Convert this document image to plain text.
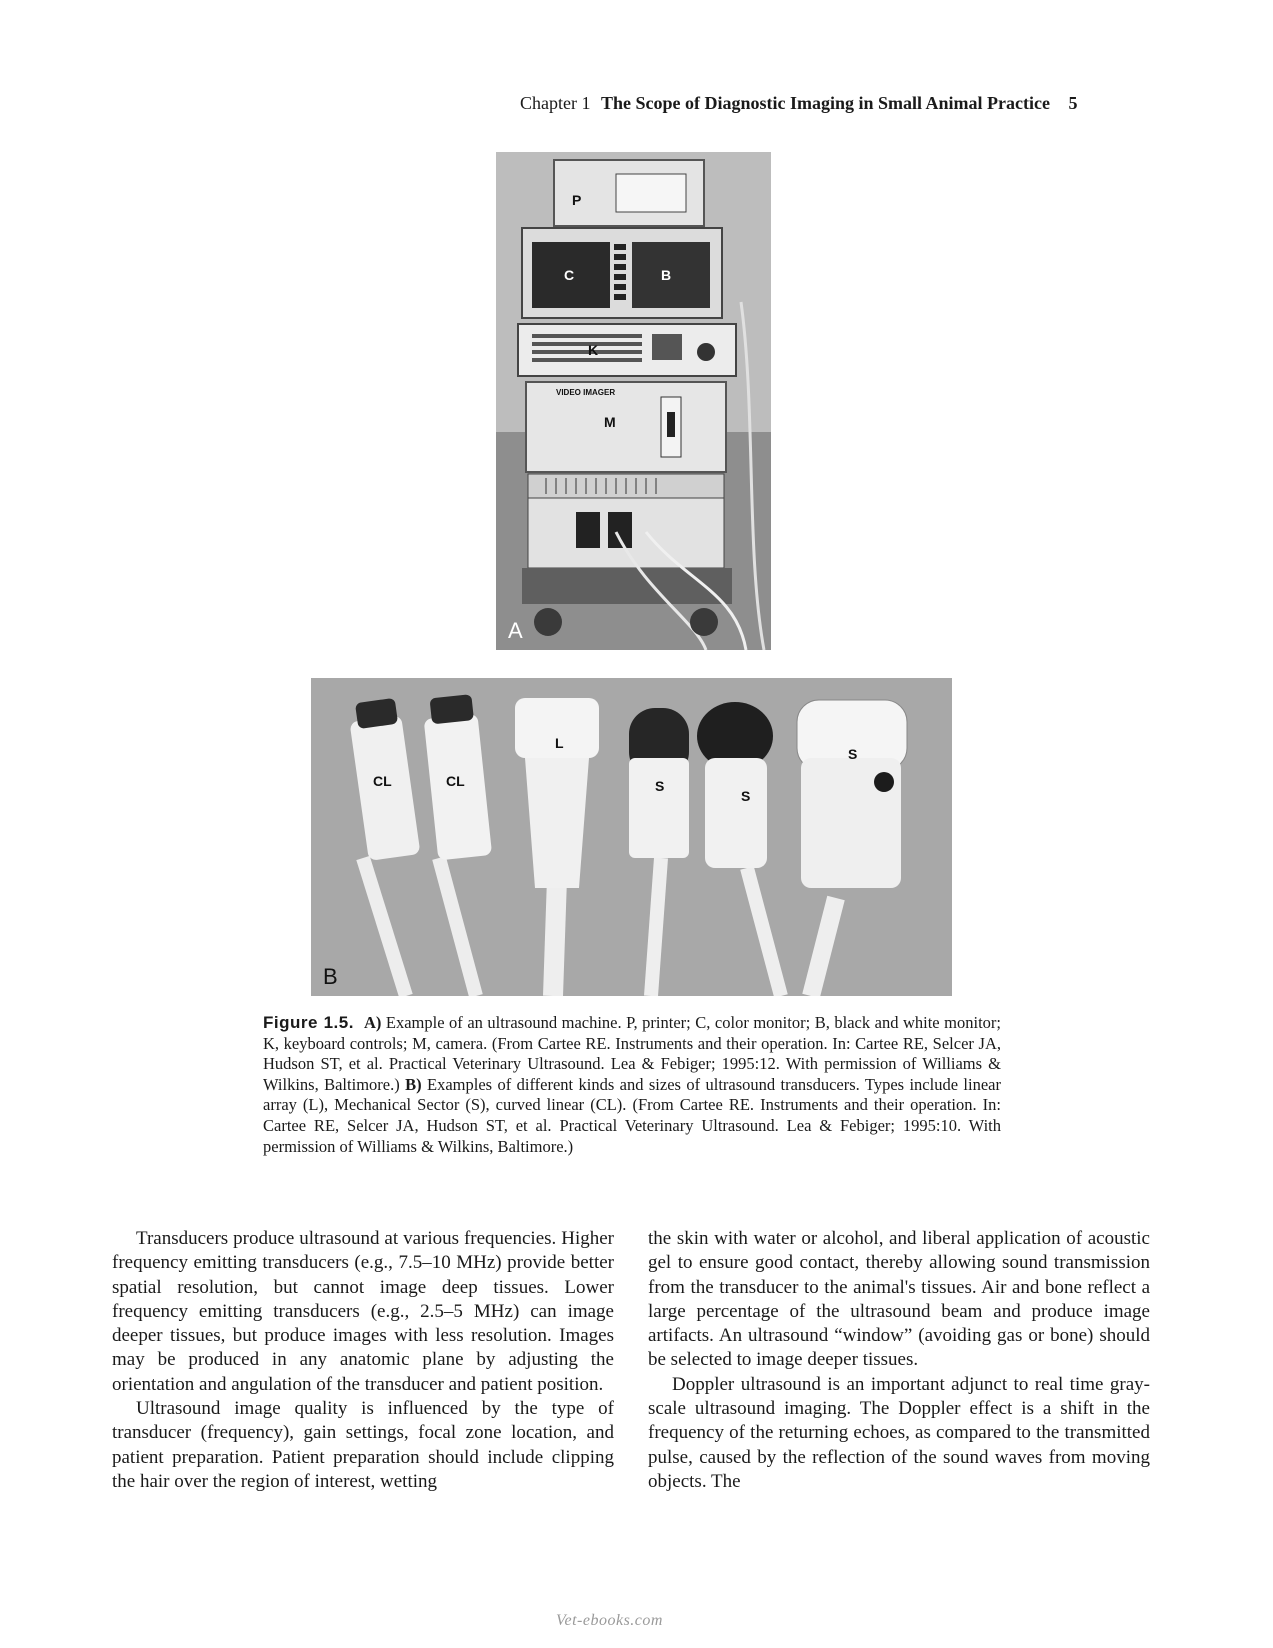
Chapter 1 The Scope of Diagnostic Imaging in Small Animal Practice 5
P
C	B
K
VIDEO IMAGER
M
A
CL	CL
L
S
S
S
B
Figure 1.5. A) Example of an ultrasound machine. P, printer; C, color monitor; B, black and white monitor; K, keyboard controls; M, camera. (From Cartee RE. Instruments and their operation. In: Cartee RE, Selcer JA, Hudson ST, et al. Practical Veterinary Ultrasound. Lea & Febiger; 1995:12. With permission of Williams & Wilkins, Baltimore.) B) Examples of different kinds and sizes of ultrasound transducers. Types include linear array (L), Mechanical Sector (S), curved linear (CL). (From Cartee RE. Instruments and their operation. In: Cartee RE, Selcer JA, Hudson ST, et al. Practical Veterinary Ultrasound. Lea & Febiger; 1995:10. With permission of Williams & Wilkins, Baltimore.)

Transducers produce ultrasound at various frequencies. Higher frequency emitting transducers (e.g., 7.5–10 MHz) provide better spatial resolution, but cannot image deep tissues. Lower frequency emitting transducers (e.g., 2.5–5 MHz) can image deeper tissues, but produce images with less resolution. Images may be produced in any anatomic plane by adjusting the orientation and angulation of the transducer and patient position.

Ultrasound image quality is influenced by the type of transducer (frequency), gain settings, focal zone location, and patient preparation. Patient preparation should include clipping the hair over the region of interest, wetting

the skin with water or alcohol, and liberal application of acoustic gel to ensure good contact, thereby allowing sound transmission from the transducer to the animal's tissues. Air and bone reflect a large percentage of the ultrasound beam and produce image artifacts. An ultrasound “window” (avoiding gas or bone) should be selected to image deeper tissues.

Doppler ultrasound is an important adjunct to real time gray-scale ultrasound imaging. The Doppler effect is a shift in the frequency of the returning echoes, as compared to the transmitted pulse, caused by the reflection of the sound waves from moving objects. The

Vet-ebooks.com
